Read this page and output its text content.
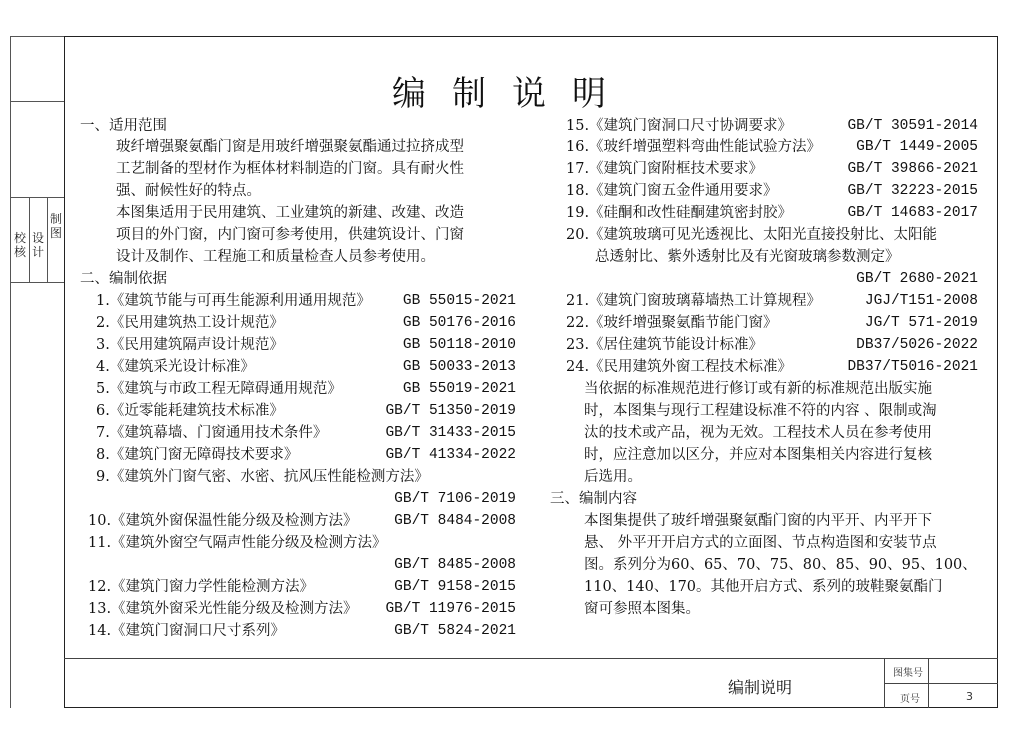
校核
设计
制图
编制说明
一、适用范围
玻纤增强聚氨酯门窗是用玻纤增强聚氨酯通过拉挤成型
工艺制备的型材作为框体材料制造的门窗。具有耐火性
强、耐候性好的特点。
本图集适用于民用建筑、工业建筑的新建、改建、改造
项目的外门窗，内门窗可参考使用，供建筑设计、门窗
设计及制作、工程施工和质量检查人员参考使用。
二、编制依据
1.《建筑节能与可再生能源利用通用规范》 GB 55015-2021
2.《民用建筑热工设计规范》	GB 50176-2016
3.《民用建筑隔声设计规范》	GB 50118-2010
4.《建筑采光设计标准》	GB 50033-2013
5.《建筑与市政工程无障碍通用规范》	GB 55019-2021
6.《近零能耗建筑技术标准》	GB/T 51350-2019
7.《建筑幕墙、门窗通用技术条件》	GB/T 31433-2015
8.《建筑门窗无障碍技术要求》	GB/T 41334-2022
9.《建筑外门窗气密、水密、抗风压性能检测方法》
GB/T 7106-2019
10.《建筑外窗保温性能分级及检测方法》	GB/T 8484-2008
11.《建筑外窗空气隔声性能分级及检测方法》
GB/T 8485-2008
12.《建筑门窗力学性能检测方法》	GB/T 9158-2015
13.《建筑外窗采光性能分级及检测方法》 GB/T 11976-2015
14.《建筑门窗洞口尺寸系列》	GB/T 5824-2021
15.《建筑门窗洞口尺寸协调要求》	GB/T 30591-2014
16.《玻纤增强塑料弯曲性能试验方法》 GB/T 1449-2005
17.《建筑门窗附框技术要求》	GB/T 39866-2021
18.《建筑门窗五金件通用要求》	GB/T 32223-2015
19.《硅酮和改性硅酮建筑密封胶》	GB/T 14683-2017
20.《建筑玻璃可见光透视比、太阳光直接投射比、太阳能
　　总透射比、紫外透射比及有光窗玻璃参数测定》
GB/T 2680-2021
21.《建筑门窗玻璃幕墙热工计算规程》	JGJ/T151-2008
22.《玻纤增强聚氨酯节能门窗》	JG/T 571-2019
23.《居住建筑节能设计标准》	DB37/5026-2022
24.《民用建筑外窗工程技术标准》	DB37/T5016-2021
当依据的标准规范进行修订或有新的标准规范出版实施
时，本图集与现行工程建设标准不符的内容 、限制或淘
汰的技术或产品，视为无效。工程技术人员在参考使用
时，应注意加以区分，并应对本图集相关内容进行复核
后选用。
三、编制内容
本图集提供了玻纤增强聚氨酯门窗的内平开、内平开下
悬、 外平开开启方式的立面图、节点构造图和安装节点
图。系列分为60、65、70、75、80、85、90、95、100、
110、140、170。其他开启方式、系列的玻鞋聚氨酯门
窗可参照本图集。
编制说明
图集号
页号	3
